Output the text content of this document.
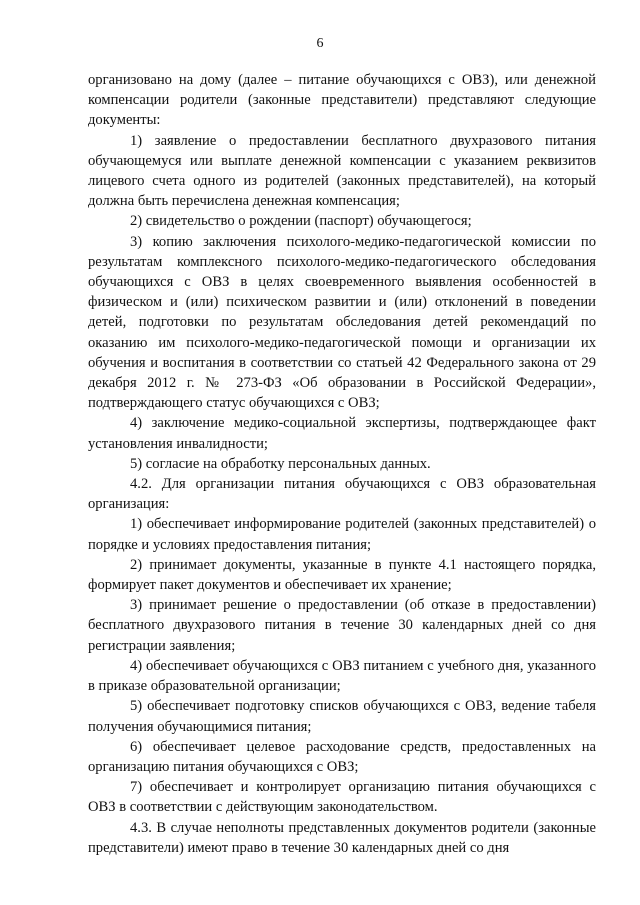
6

организовано на дому (далее – питание обучающихся с ОВЗ), или денежной компенсации родители (законные представители) представляют следующие документы:

1) заявление о предоставлении бесплатного двухразового питания обучающемуся или выплате денежной компенсации с указанием реквизитов лицевого счета одного из родителей (законных представителей), на который должна быть перечислена денежная компенсация;

2) свидетельство о рождении (паспорт) обучающегося;

3) копию заключения психолого-медико-педагогической комиссии по результатам комплексного психолого-медико-педагогического обследования обучающихся с ОВЗ в целях своевременного выявления особенностей в физическом и (или) психическом развитии и (или) отклонений в поведении детей, подготовки по результатам обследования детей рекомендаций по оказанию им психолого-медико-педагогической помощи и организации их обучения и воспитания в соответствии со статьей 42 Федерального закона от 29 декабря 2012 г. № 273-ФЗ «Об образовании в Российской Федерации», подтверждающего статус обучающихся с ОВЗ;

4) заключение медико-социальной экспертизы, подтверждающее факт установления инвалидности;

5) согласие на обработку персональных данных.

4.2. Для организации питания обучающихся с ОВЗ образовательная организация:

1) обеспечивает информирование родителей (законных представителей) о порядке и условиях предоставления питания;

2) принимает документы, указанные в пункте 4.1 настоящего порядка, формирует пакет документов и обеспечивает их хранение;

3) принимает решение о предоставлении (об отказе в предоставлении) бесплатного двухразового питания в течение 30 календарных дней со дня регистрации заявления;

4) обеспечивает обучающихся с ОВЗ питанием с учебного дня, указанного в приказе образовательной организации;

5) обеспечивает подготовку списков обучающихся с ОВЗ, ведение табеля получения обучающимися питания;

6) обеспечивает целевое расходование средств, предоставленных на организацию питания обучающихся с ОВЗ;

7) обеспечивает и контролирует организацию питания обучающихся с ОВЗ в соответствии с действующим законодательством.

4.3. В случае неполноты представленных документов родители (законные представители) имеют право в течение 30 календарных дней со дня
